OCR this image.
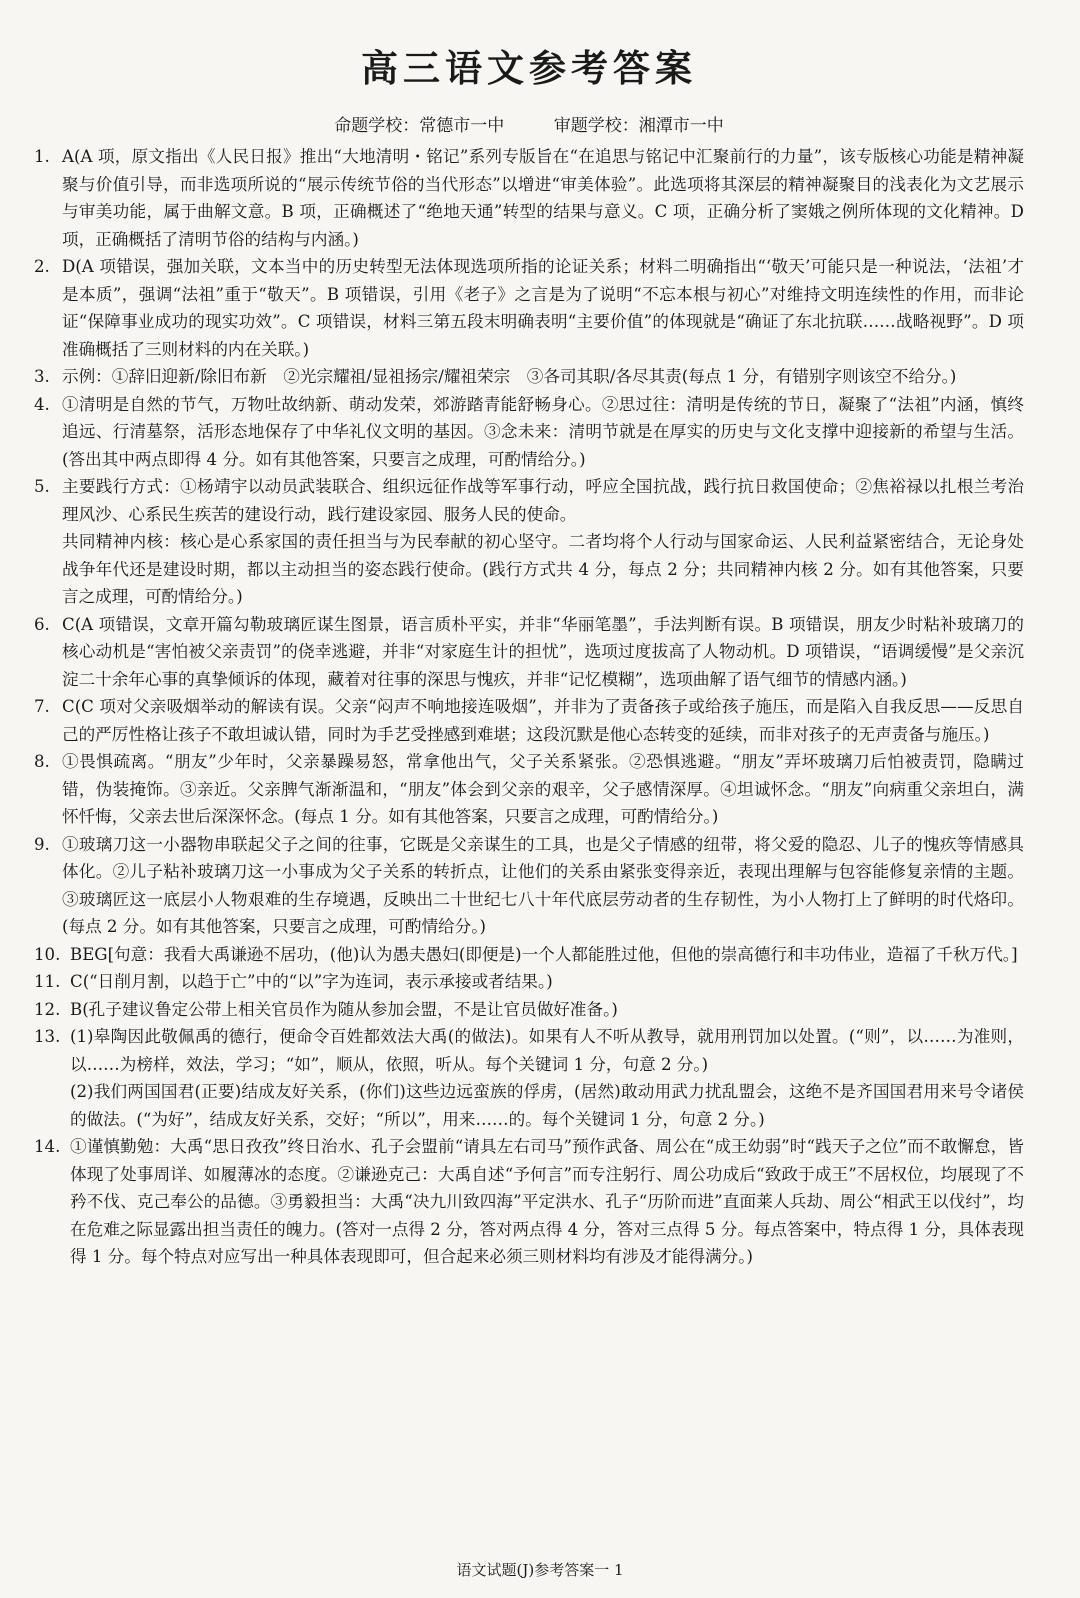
高三语文参考答案
命题学校：常德市一中	审题学校：湘潭市一中
1. A(A 项，原文指出《人民日报》推出“大地清明・铭记”系列专版旨在“在追思与铭记中汇聚前行的力量”，该专版核心功能是精神凝聚与价值引导，而非选项所说的“展示传统节俗的当代形态”以增进“审美体验”。此选项将其深层的精神凝聚目的浅表化为文艺展示与审美功能，属于曲解文意。B 项，正确概述了“绝地天通”转型的结果与意义。C 项，正确分析了窦娥之例所体现的文化精神。D 项，正确概括了清明节俗的结构与内涵。)

2. D(A 项错误，强加关联，文本当中的历史转型无法体现选项所指的论证关系；材料二明确指出“‘敬天’可能只是一种说法，‘法祖’才是本质”，强调“法祖”重于“敬天”。B 项错误，引用《老子》之言是为了说明“不忘本根与初心”对维持文明连续性的作用，而非论证“保障事业成功的现实功效”。C 项错误，材料三第五段末明确表明“主要价值”的体现就是“确证了东北抗联……战略视野”。D 项准确概括了三则材料的内在关联。)

3. 示例：①辞旧迎新/除旧布新　②光宗耀祖/显祖扬宗/耀祖荣宗　③各司其职/各尽其责(每点 1 分，有错别字则该空不给分。)

4. ①清明是自然的节气，万物吐故纳新、萌动发荣，郊游踏青能舒畅身心。②思过往：清明是传统的节日，凝聚了“法祖”内涵，慎终追远、行清墓祭，活形态地保存了中华礼仪文明的基因。③念未来：清明节就是在厚实的历史与文化支撑中迎接新的希望与生活。(答出其中两点即得 4 分。如有其他答案，只要言之成理，可酌情给分。)

5. 主要践行方式：①杨靖宇以动员武装联合、组织远征作战等军事行动，呼应全国抗战，践行抗日救国使命；②焦裕禄以扎根兰考治理风沙、心系民生疾苦的建设行动，践行建设家园、服务人民的使命。

共同精神内核：核心是心系家国的责任担当与为民奉献的初心坚守。二者均将个人行动与国家命运、人民利益紧密结合，无论身处战争年代还是建设时期，都以主动担当的姿态践行使命。(践行方式共 4 分，每点 2 分；共同精神内核 2 分。如有其他答案，只要言之成理，可酌情给分。)

6. C(A 项错误，文章开篇勾勒玻璃匠谋生图景，语言质朴平实，并非“华丽笔墨”，手法判断有误。B 项错误，朋友少时粘补玻璃刀的核心动机是“害怕被父亲责罚”的侥幸逃避，并非“对家庭生计的担忧”，选项过度拔高了人物动机。D 项错误，“语调缓慢”是父亲沉淀二十余年心事的真挚倾诉的体现，藏着对往事的深思与愧疚，并非“记忆模糊”，选项曲解了语气细节的情感内涵。)

7. C(C 项对父亲吸烟举动的解读有误。父亲“闷声不响地接连吸烟”，并非为了责备孩子或给孩子施压，而是陷入自我反思——反思自己的严厉性格让孩子不敢坦诚认错，同时为手艺受挫感到难堪；这段沉默是他心态转变的延续，而非对孩子的无声责备与施压。)

8. ①畏惧疏离。“朋友”少年时，父亲暴躁易怒，常拿他出气，父子关系紧张。②恐惧逃避。“朋友”弄坏玻璃刀后怕被责罚，隐瞒过错，伪装掩饰。③亲近。父亲脾气渐渐温和，“朋友”体会到父亲的艰辛，父子感情深厚。④坦诚怀念。“朋友”向病重父亲坦白，满怀忏悔，父亲去世后深深怀念。(每点 1 分。如有其他答案，只要言之成理，可酌情给分。)

9. ①玻璃刀这一小器物串联起父子之间的往事，它既是父亲谋生的工具，也是父子情感的纽带，将父爱的隐忍、儿子的愧疚等情感具体化。②儿子粘补玻璃刀这一小事成为父子关系的转折点，让他们的关系由紧张变得亲近，表现出理解与包容能修复亲情的主题。③玻璃匠这一底层小人物艰难的生存境遇，反映出二十世纪七八十年代底层劳动者的生存韧性，为小人物打上了鲜明的时代烙印。(每点 2 分。如有其他答案，只要言之成理，可酌情给分。)

10. BEG[句意：我看大禹谦逊不居功，(他)认为愚夫愚妇(即便是)一个人都能胜过他，但他的崇高德行和丰功伟业，造福了千秋万代。]

11. C(“日削月割，以趋于亡”中的“以”字为连词，表示承接或者结果。)

12. B(孔子建议鲁定公带上相关官员作为随从参加会盟，不是让官员做好准备。)

13. (1)皋陶因此敬佩禹的德行，便命令百姓都效法大禹(的做法)。如果有人不听从教导，就用刑罚加以处置。(“则”，以……为准则，以……为榜样，效法，学习；“如”，顺从，依照，听从。每个关键词 1 分，句意 2 分。)

(2)我们两国国君(正要)结成友好关系，(你们)这些边远蛮族的俘虏，(居然)敢动用武力扰乱盟会，这绝不是齐国国君用来号令诸侯的做法。(“为好”，结成友好关系，交好；“所以”，用来……的。每个关键词 1 分，句意 2 分。)

14. ①谨慎勤勉：大禹“思日孜孜”终日治水、孔子会盟前“请具左右司马”预作武备、周公在“成王幼弱”时“践天子之位”而不敢懈怠，皆体现了处事周详、如履薄冰的态度。②谦逊克己：大禹自述“予何言”而专注躬行、周公功成后“致政于成王”不居权位，均展现了不矜不伐、克己奉公的品德。③勇毅担当：大禹“决九川致四海”平定洪水、孔子“历阶而进”直面莱人兵劫、周公“相武王以伐纣”，均在危难之际显露出担当责任的魄力。(答对一点得 2 分，答对两点得 4 分，答对三点得 5 分。每点答案中，特点得 1 分，具体表现得 1 分。每个特点对应写出一种具体表现即可，但合起来必须三则材料均有涉及才能得满分。)

语文试题(J)参考答案一 1
